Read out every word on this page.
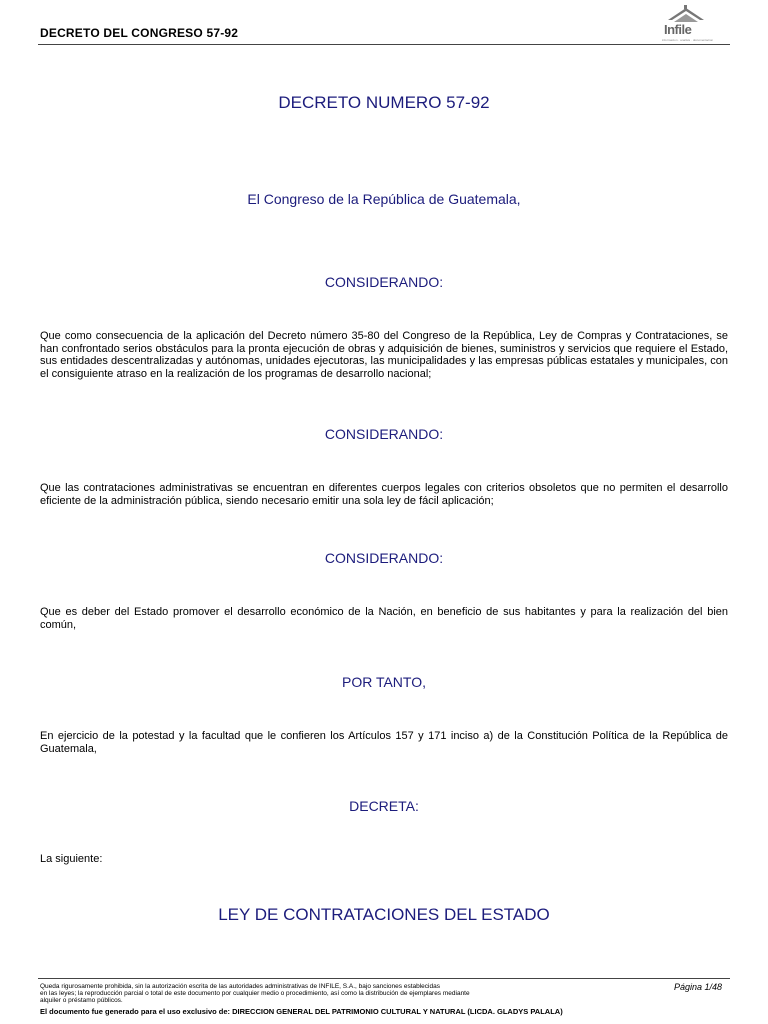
DECRETO DEL CONGRESO 57-92	Infile
informacion · analisis · documentacion
DECRETO NUMERO 57-92
El Congreso de la República de Guatemala,
CONSIDERANDO:
Que como consecuencia de la aplicación del Decreto número 35-80 del Congreso de la República, Ley de Compras y Contrataciones, se han confrontado serios obstáculos para la pronta ejecución de obras y adquisición de bienes, suministros y servicios que requiere el Estado, sus entidades descentralizadas y autónomas, unidades ejecutoras, las municipalidades y las empresas públicas estatales y municipales, con el consiguiente atraso en la realización de los programas de desarrollo nacional;
CONSIDERANDO:
Que las contrataciones administrativas se encuentran en diferentes cuerpos legales con criterios obsoletos que no permiten el desarrollo eficiente de la administración pública, siendo necesario emitir una sola ley de fácil aplicación;
CONSIDERANDO:
Que es deber del Estado promover el desarrollo económico de la Nación, en beneficio de sus habitantes y para la realización del bien común,
POR TANTO,
En ejercicio de la potestad y la facultad que le confieren los Artículos 157 y 171 inciso a) de la Constitución Política de la República de Guatemala,
DECRETA:
La siguiente:
LEY DE CONTRATACIONES DEL ESTADO
Queda rigurosamente prohibida, sin la autorización escrita de las autoridades administrativas de INFILE, S.A., bajo sanciones establecidas
en las leyes; la reproducción parcial o total de este documento por cualquier medio o procedimiento, así como la distribución de ejemplares mediante
alquiler o préstamo públicos.
Página 1/48
El documento fue generado para el uso exclusivo de: DIRECCION GENERAL DEL PATRIMONIO CULTURAL Y NATURAL (LICDA. GLADYS PALALA)
